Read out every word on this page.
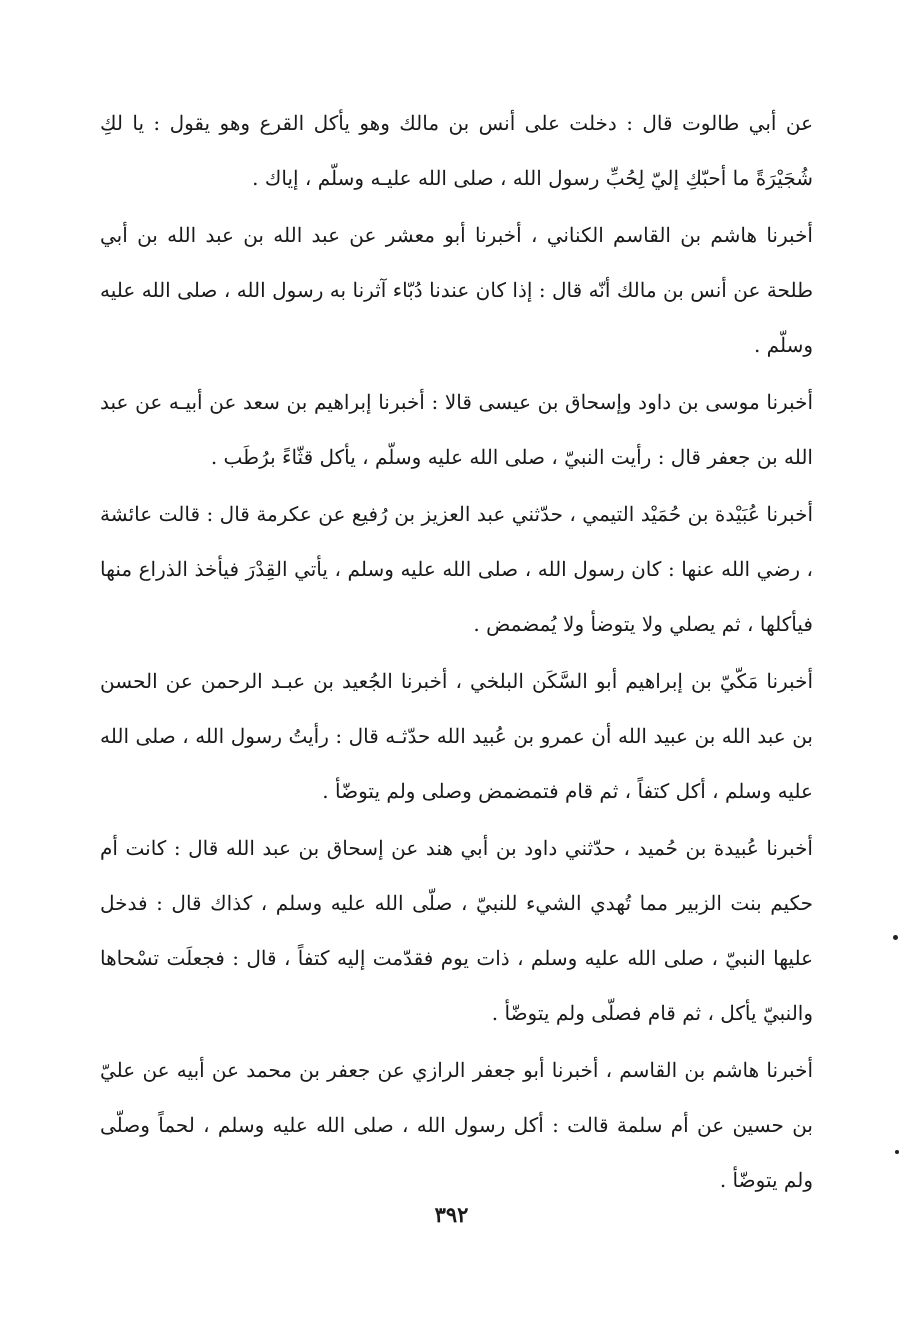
عن أبي طالوت قال : دخلت على أنس بن مالك وهو يأكل القرع وهو يقول : يا لكِ شُجَيْرَةً ما أحبّكِ إليّ لِحُبِّ رسول الله ، صلى الله عليـه وسلّم ، إياك .

أخبرنا هاشم بن القاسم الكناني ، أخبرنا أبو معشر عن عبد الله بن عبد الله بن أبي طلحة عن أنس بن مالك أنّه قال : إذا كان عندنا دُبّاء آثرنا به رسول الله ، صلى الله عليه وسلّم .

أخبرنا موسى بن داود وإسحاق بن عيسى قالا : أخبرنا إبراهيم بن سعد عن أبيـه عن عبد الله بن جعفر قال : رأيت النبيّ ، صلى الله عليه وسلّم ، يأكل قثّاءً برُطَب .

أخبرنا عُبَيْدة بن حُمَيْد التيمي ، حدّثني عبد العزيز بن رُفيع عن عكرمة قال : قالت عائشة ، رضي الله عنها : كان رسول الله ، صلى الله عليه وسلم ، يأتي القِدْرَ فيأخذ الذراع منها فيأكلها ، ثم يصلي ولا يتوضأ ولا يُمضمض .

أخبرنا مَكّيّ بن إبراهيم أبو السَّكَن البلخي ، أخبرنا الجُعيد بن عبـد الرحمن عن الحسن بن عبد الله بن عبيد الله أن عمرو بن عُبيد الله حدّثـه قال : رأيتُ رسول الله ، صلى الله عليه وسلم ، أكل كتفاً ، ثم قام فتمضمض وصلى ولم يتوضّأ .

أخبرنا عُبيدة بن حُميد ، حدّثني داود بن أبي هند عن إسحاق بن عبد الله قال : كانت أم حكيم بنت الزبير مما تُهدي الشيء للنبيّ ، صلّى الله عليه وسلم ، كذاك قال : فدخل عليها النبيّ ، صلى الله عليه وسلم ، ذات يوم فقدّمت إليه كتفاً ، قال : فجعلَت تسْحاها والنبيّ يأكل ، ثم قام فصلّى ولم يتوضّأ .

أخبرنا هاشم بن القاسم ، أخبرنا أبو جعفر الرازي عن جعفر بن محمد عن أبيه عن عليّ بن حسين عن أم سلمة قالت : أكل رسول الله ، صلى الله عليه وسلم ، لحماً وصلّى ولم يتوضّأ .

٣٩٢
